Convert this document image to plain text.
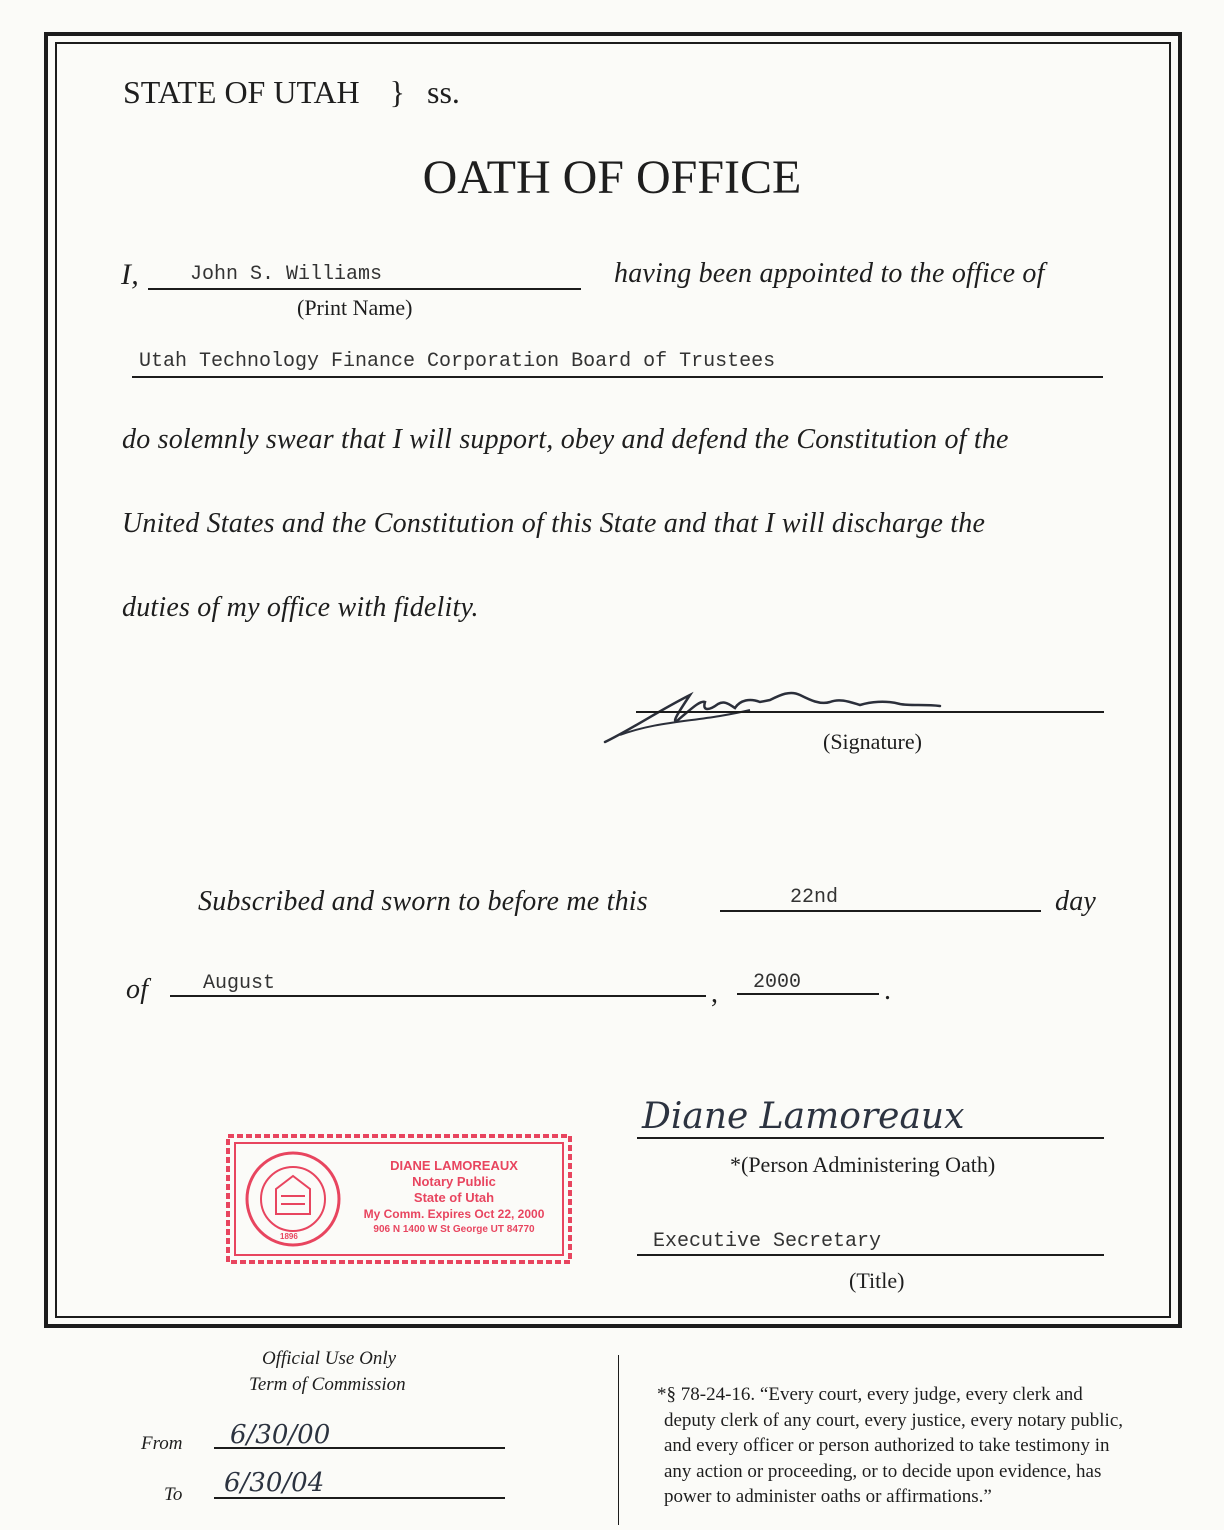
STATE OF UTAH } ss.
OATH OF OFFICE
I,	John S. Williams
(Print Name)
having been appointed to the office of
Utah Technology Finance Corporation Board of Trustees
do solemnly swear that I will support, obey and defend the Constitution of the
United States and the Constitution of this State and that I will discharge the
duties of my office with fidelity.
(Signature)
Subscribed and sworn to before me this	22nd	day
of	August	, 2000	.
1896
DIANE LAMOREAUX
Notary Public
State of Utah
My Comm. Expires Oct 22, 2000
906 N 1400 W St George UT 84770
Diane Lamoreaux
*(Person Administering Oath)
Executive Secretary
(Title)
Official Use Only
Term of Commission
From 6/30/00
To 6/30/04
*§ 78-24-16. “Every court, every judge, every clerk and
deputy clerk of any court, every justice, every notary public,
and every officer or person authorized to take testimony in
any action or proceeding, or to decide upon evidence, has
power to administer oaths or affirmations.”
